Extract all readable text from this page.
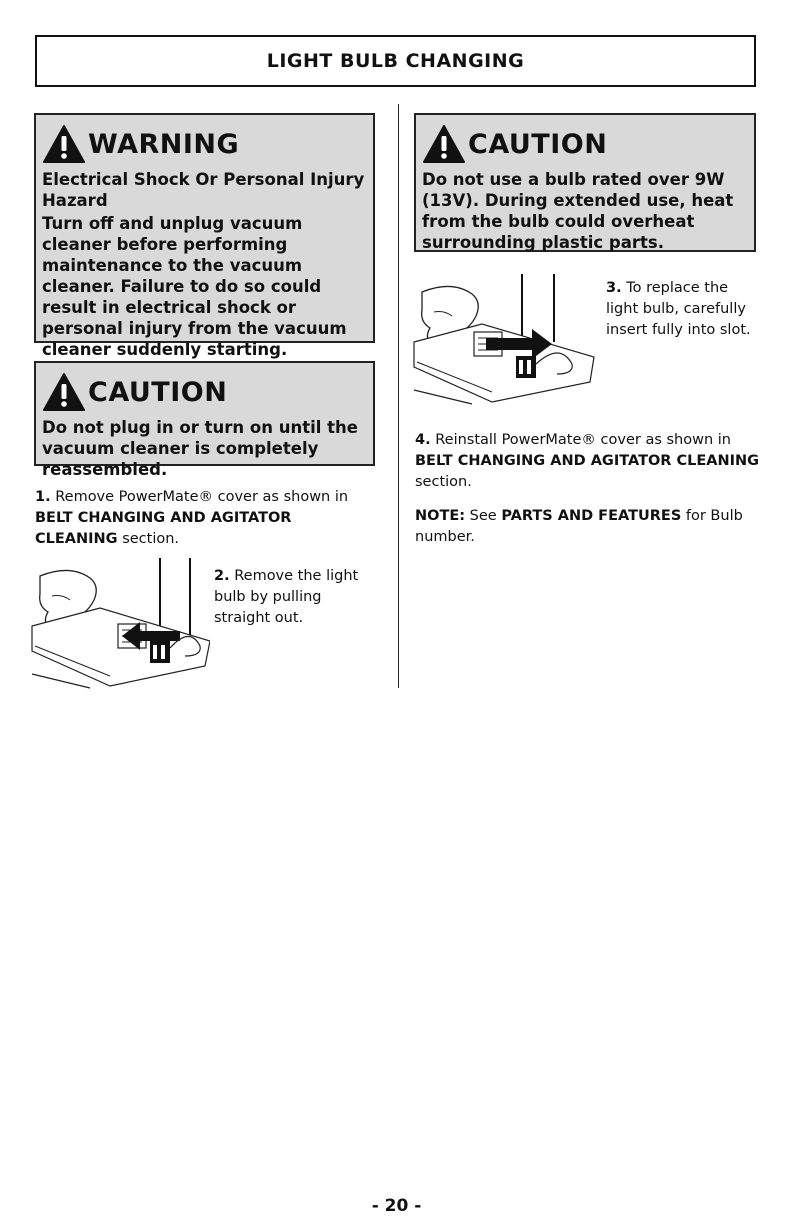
LIGHT BULB CHANGING
WARNING

Electrical Shock Or Personal Injury Hazard

Turn off and unplug vacuum cleaner before performing maintenance to the vacuum cleaner. Failure to do so could result in electrical shock or personal injury from the vacuum cleaner suddenly starting.

CAUTION

Do not plug in or turn on until the vacuum cleaner is completely reassembled.

CAUTION

Do not use a bulb rated over 9W (13V). During extended use, heat from the bulb could overheat surrounding plastic parts.

1. Remove PowerMate® cover as shown in BELT CHANGING AND AGITATOR CLEANING section.
2. Remove the light bulb by pulling straight out.
3. To replace the light bulb, carefully insert fully into slot.
4. Reinstall PowerMate® cover as shown in BELT CHANGING AND AGITATOR CLEANING section.
NOTE: See PARTS AND FEATURES for Bulb number.
- 20 -
